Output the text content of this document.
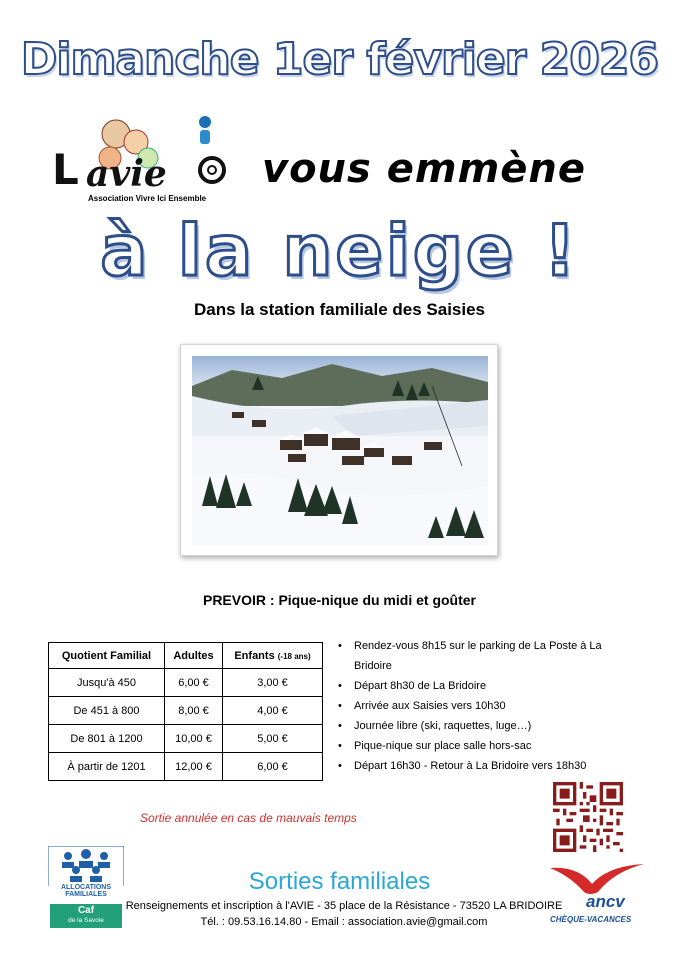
Dimanche 1er février 2026
L avie
Association Vivre Ici Ensemble
vous emmène
à la neige !
Dans la station familiale des Saisies
PREVOIR : Pique-nique du midi et goûter
Quotient Familial	Adultes	Enfants (-18 ans)
Jusqu'à 450	6,00 €	3,00 €
De 451 à 800	8,00 €	4,00 €
De 801 à 1200	10,00 €	5,00 €
À partir de 1201	12,00 €	6,00 €
• Rendez-vous 8h15 sur le parking de La Poste à La Bridoire
• Départ 8h30 de La Bridoire
• Arrivée aux Saisies vers 10h30
• Journée libre (ski, raquettes, luge…)
• Pique-nique sur place salle hors-sac
• Départ 16h30 - Retour à La Bridoire vers 18h30
Sortie annulée en cas de mauvais temps
ALLOCATIONS FAMILIALES
Caf
de la Savoie
Sorties familiales
Renseignements et inscription à l'AVIE - 35 place de la Résistance - 73520 LA BRIDOIRE
Tél. : 09.53.16.14.80 - Email : association.avie@gmail.com
ancv
CHÈQUE-VACANCES
